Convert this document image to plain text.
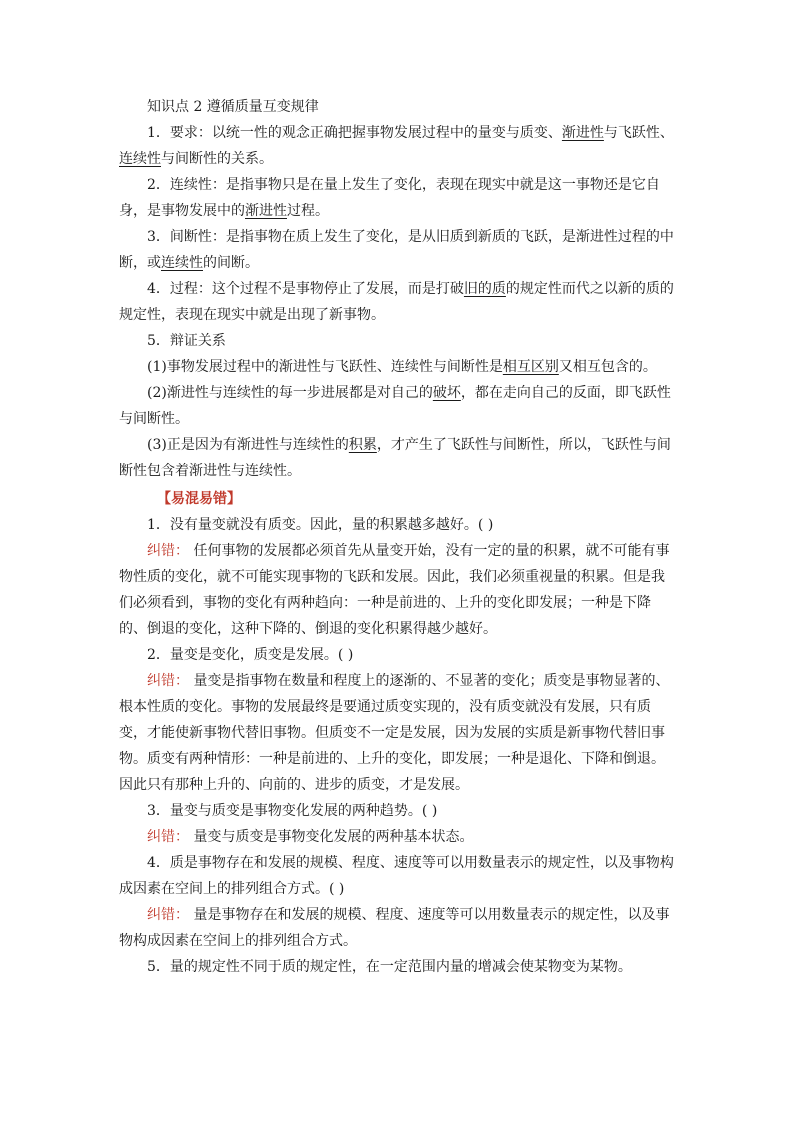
知识点 2 遵循质量互变规律

1．要求：以统一性的观念正确把握事物发展过程中的量变与质变、渐进性与飞跃性、连续性与间断性的关系。

2．连续性：是指事物只是在量上发生了变化，表现在现实中就是这一事物还是它自身，是事物发展中的渐进性过程。

3．间断性：是指事物在质上发生了变化，是从旧质到新质的飞跃，是渐进性过程的中断，或连续性的间断。

4．过程：这个过程不是事物停止了发展，而是打破旧的质的规定性而代之以新的质的规定性，表现在现实中就是出现了新事物。

5．辩证关系

(1)事物发展过程中的渐进性与飞跃性、连续性与间断性是相互区别又相互包含的。

(2)渐进性与连续性的每一步进展都是对自己的破坏，都在走向自己的反面，即飞跃性与间断性。

(3)正是因为有渐进性与连续性的积累，才产生了飞跃性与间断性，所以，飞跃性与间断性包含着渐进性与连续性。

【易混易错】

1．没有量变就没有质变。因此，量的积累越多越好。( )

纠错： 任何事物的发展都必须首先从量变开始，没有一定的量的积累，就不可能有事物性质的变化，就不可能实现事物的飞跃和发展。因此，我们必须重视量的积累。但是我们必须看到，事物的变化有两种趋向：一种是前进的、上升的变化即发展；一种是下降的、倒退的变化，这种下降的、倒退的变化积累得越少越好。

2．量变是变化，质变是发展。( )

纠错： 量变是指事物在数量和程度上的逐渐的、不显著的变化；质变是事物显著的、根本性质的变化。事物的发展最终是要通过质变实现的，没有质变就没有发展，只有质变，才能使新事物代替旧事物。但质变不一定是发展，因为发展的实质是新事物代替旧事物。质变有两种情形：一种是前进的、上升的变化，即发展；一种是退化、下降和倒退。因此只有那种上升的、向前的、进步的质变，才是发展。

3．量变与质变是事物变化发展的两种趋势。( )

纠错： 量变与质变是事物变化发展的两种基本状态。

4．质是事物存在和发展的规模、程度、速度等可以用数量表示的规定性，以及事物构成因素在空间上的排列组合方式。( )

纠错： 量是事物存在和发展的规模、程度、速度等可以用数量表示的规定性，以及事物构成因素在空间上的排列组合方式。

5．量的规定性不同于质的规定性，在一定范围内量的增减会使某物变为某物。
